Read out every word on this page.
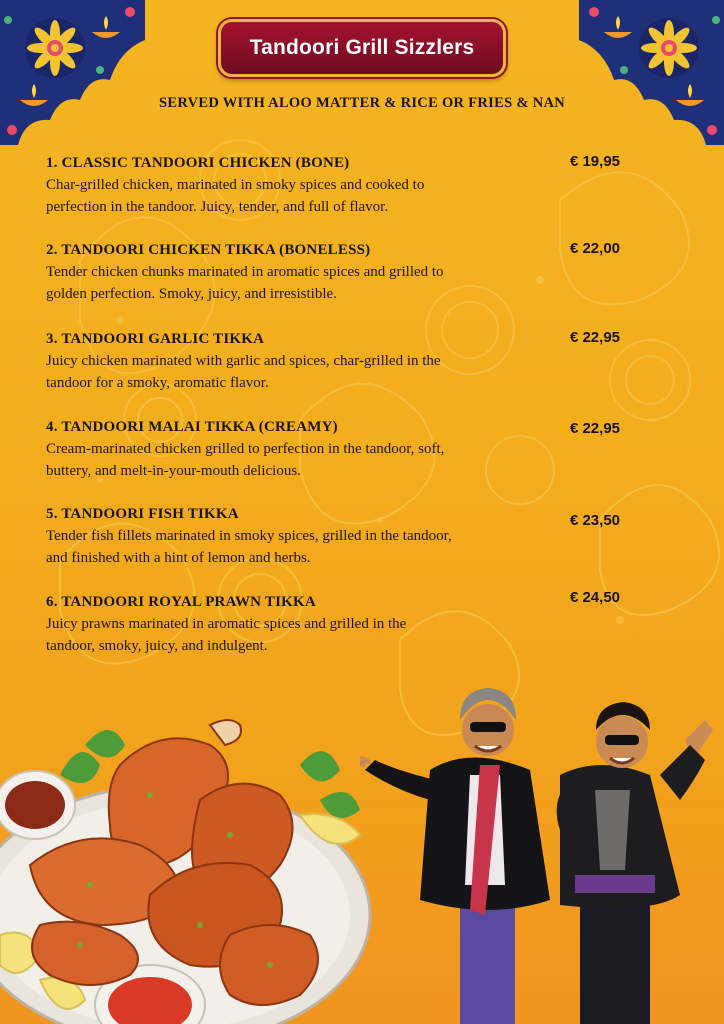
Tandoori Grill Sizzlers
SERVED WITH ALOO MATTER & RICE OR FRIES & NAN
1. CLASSIC TANDOORI CHICKEN (BONE)
Char-grilled chicken, marinated in smoky spices and cooked to
perfection in the tandoor. Juicy, tender, and full of flavor.
€ 19,95
2. TANDOORI CHICKEN TIKKA (BONELESS)
Tender chicken chunks marinated in aromatic spices and grilled to
golden perfection. Smoky, juicy, and irresistible.
€ 22,00
3. TANDOORI GARLIC TIKKA
Juicy chicken marinated with garlic and spices, char-grilled in the
tandoor for a smoky, aromatic flavor.
€ 22,95
4. TANDOORI MALAI TIKKA (CREAMY)
Cream-marinated chicken grilled to perfection in the tandoor, soft,
buttery, and melt-in-your-mouth delicious.
€ 22,95
5. TANDOORI FISH TIKKA
Tender fish fillets marinated in smoky spices, grilled in the tandoor,
and finished with a hint of lemon and herbs.
€ 23,50
6. TANDOORI ROYAL PRAWN TIKKA
Juicy prawns marinated in aromatic spices and grilled in the
tandoor, smoky, juicy, and indulgent.
€ 24,50
